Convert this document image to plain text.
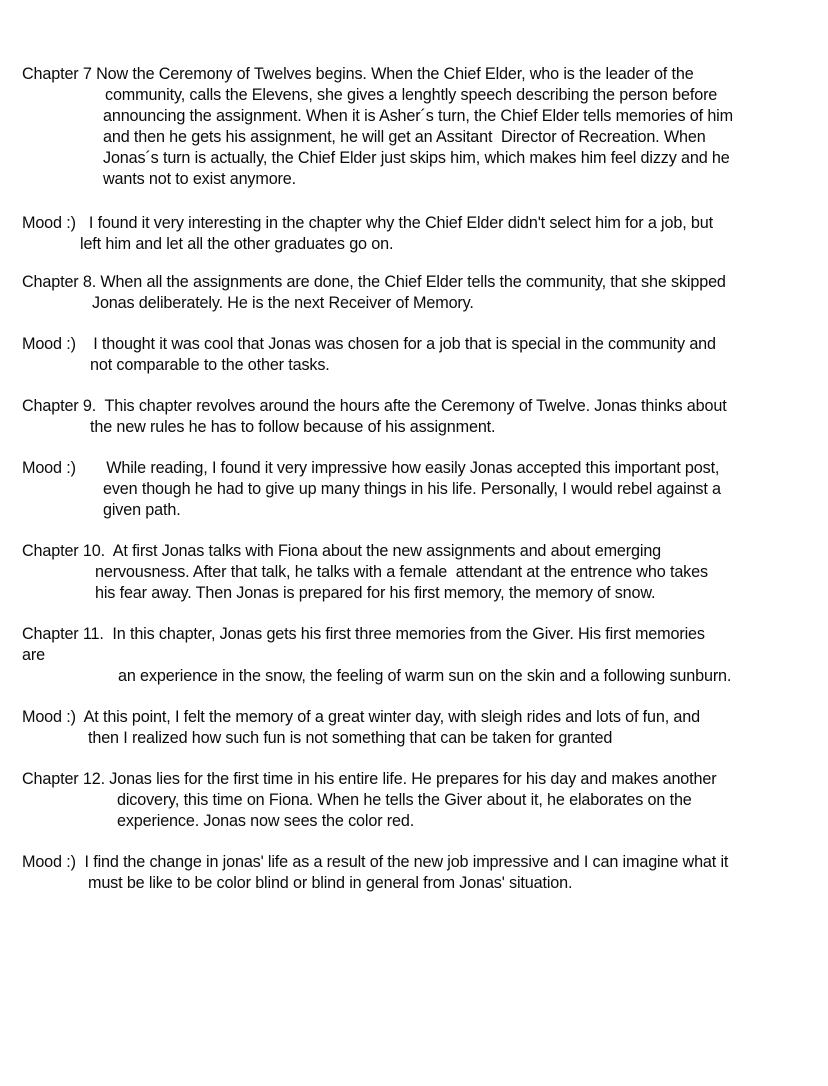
Chapter 7 Now the Ceremony of Twelves begins. When the Chief Elder, who is the leader of the
community, calls the Elevens, she gives a lenghtly speech describing the person before
announcing the assignment. When it is Asher´s turn, the Chief Elder tells memories of him
and then he gets his assignment, he will get an Assitant  Director of Recreation. When
Jonas´s turn is actually, the Chief Elder just skips him, which makes him feel dizzy and he
wants not to exist anymore.
Mood :)   I found it very interesting in the chapter why the Chief Elder didn't select him for a job, but
left him and let all the other graduates go on.
Chapter 8. When all the assignments are done, the Chief Elder tells the community, that she skipped
Jonas deliberately. He is the next Receiver of Memory.
Mood :)    I thought it was cool that Jonas was chosen for a job that is special in the community and
not comparable to the other tasks.
Chapter 9.  This chapter revolves around the hours afte the Ceremony of Twelve. Jonas thinks about
the new rules he has to follow because of his assignment.
Mood :)       While reading, I found it very impressive how easily Jonas accepted this important post,
even though he had to give up many things in his life. Personally, I would rebel against a
given path.
Chapter 10.  At first Jonas talks with Fiona about the new assignments and about emerging
nervousness. After that talk, he talks with a female  attendant at the entrence who takes
his fear away. Then Jonas is prepared for his first memory, the memory of snow.
Chapter 11.  In this chapter, Jonas gets his first three memories from the Giver. His first memories
are
an experience in the snow, the feeling of warm sun on the skin and a following sunburn.
Mood :)  At this point, I felt the memory of a great winter day, with sleigh rides and lots of fun, and
then I realized how such fun is not something that can be taken for granted
Chapter 12. Jonas lies for the first time in his entire life. He prepares for his day and makes another
dicovery, this time on Fiona. When he tells the Giver about it, he elaborates on the
experience. Jonas now sees the color red.
Mood :)  I find the change in jonas' life as a result of the new job impressive and I can imagine what it
must be like to be color blind or blind in general from Jonas' situation.
